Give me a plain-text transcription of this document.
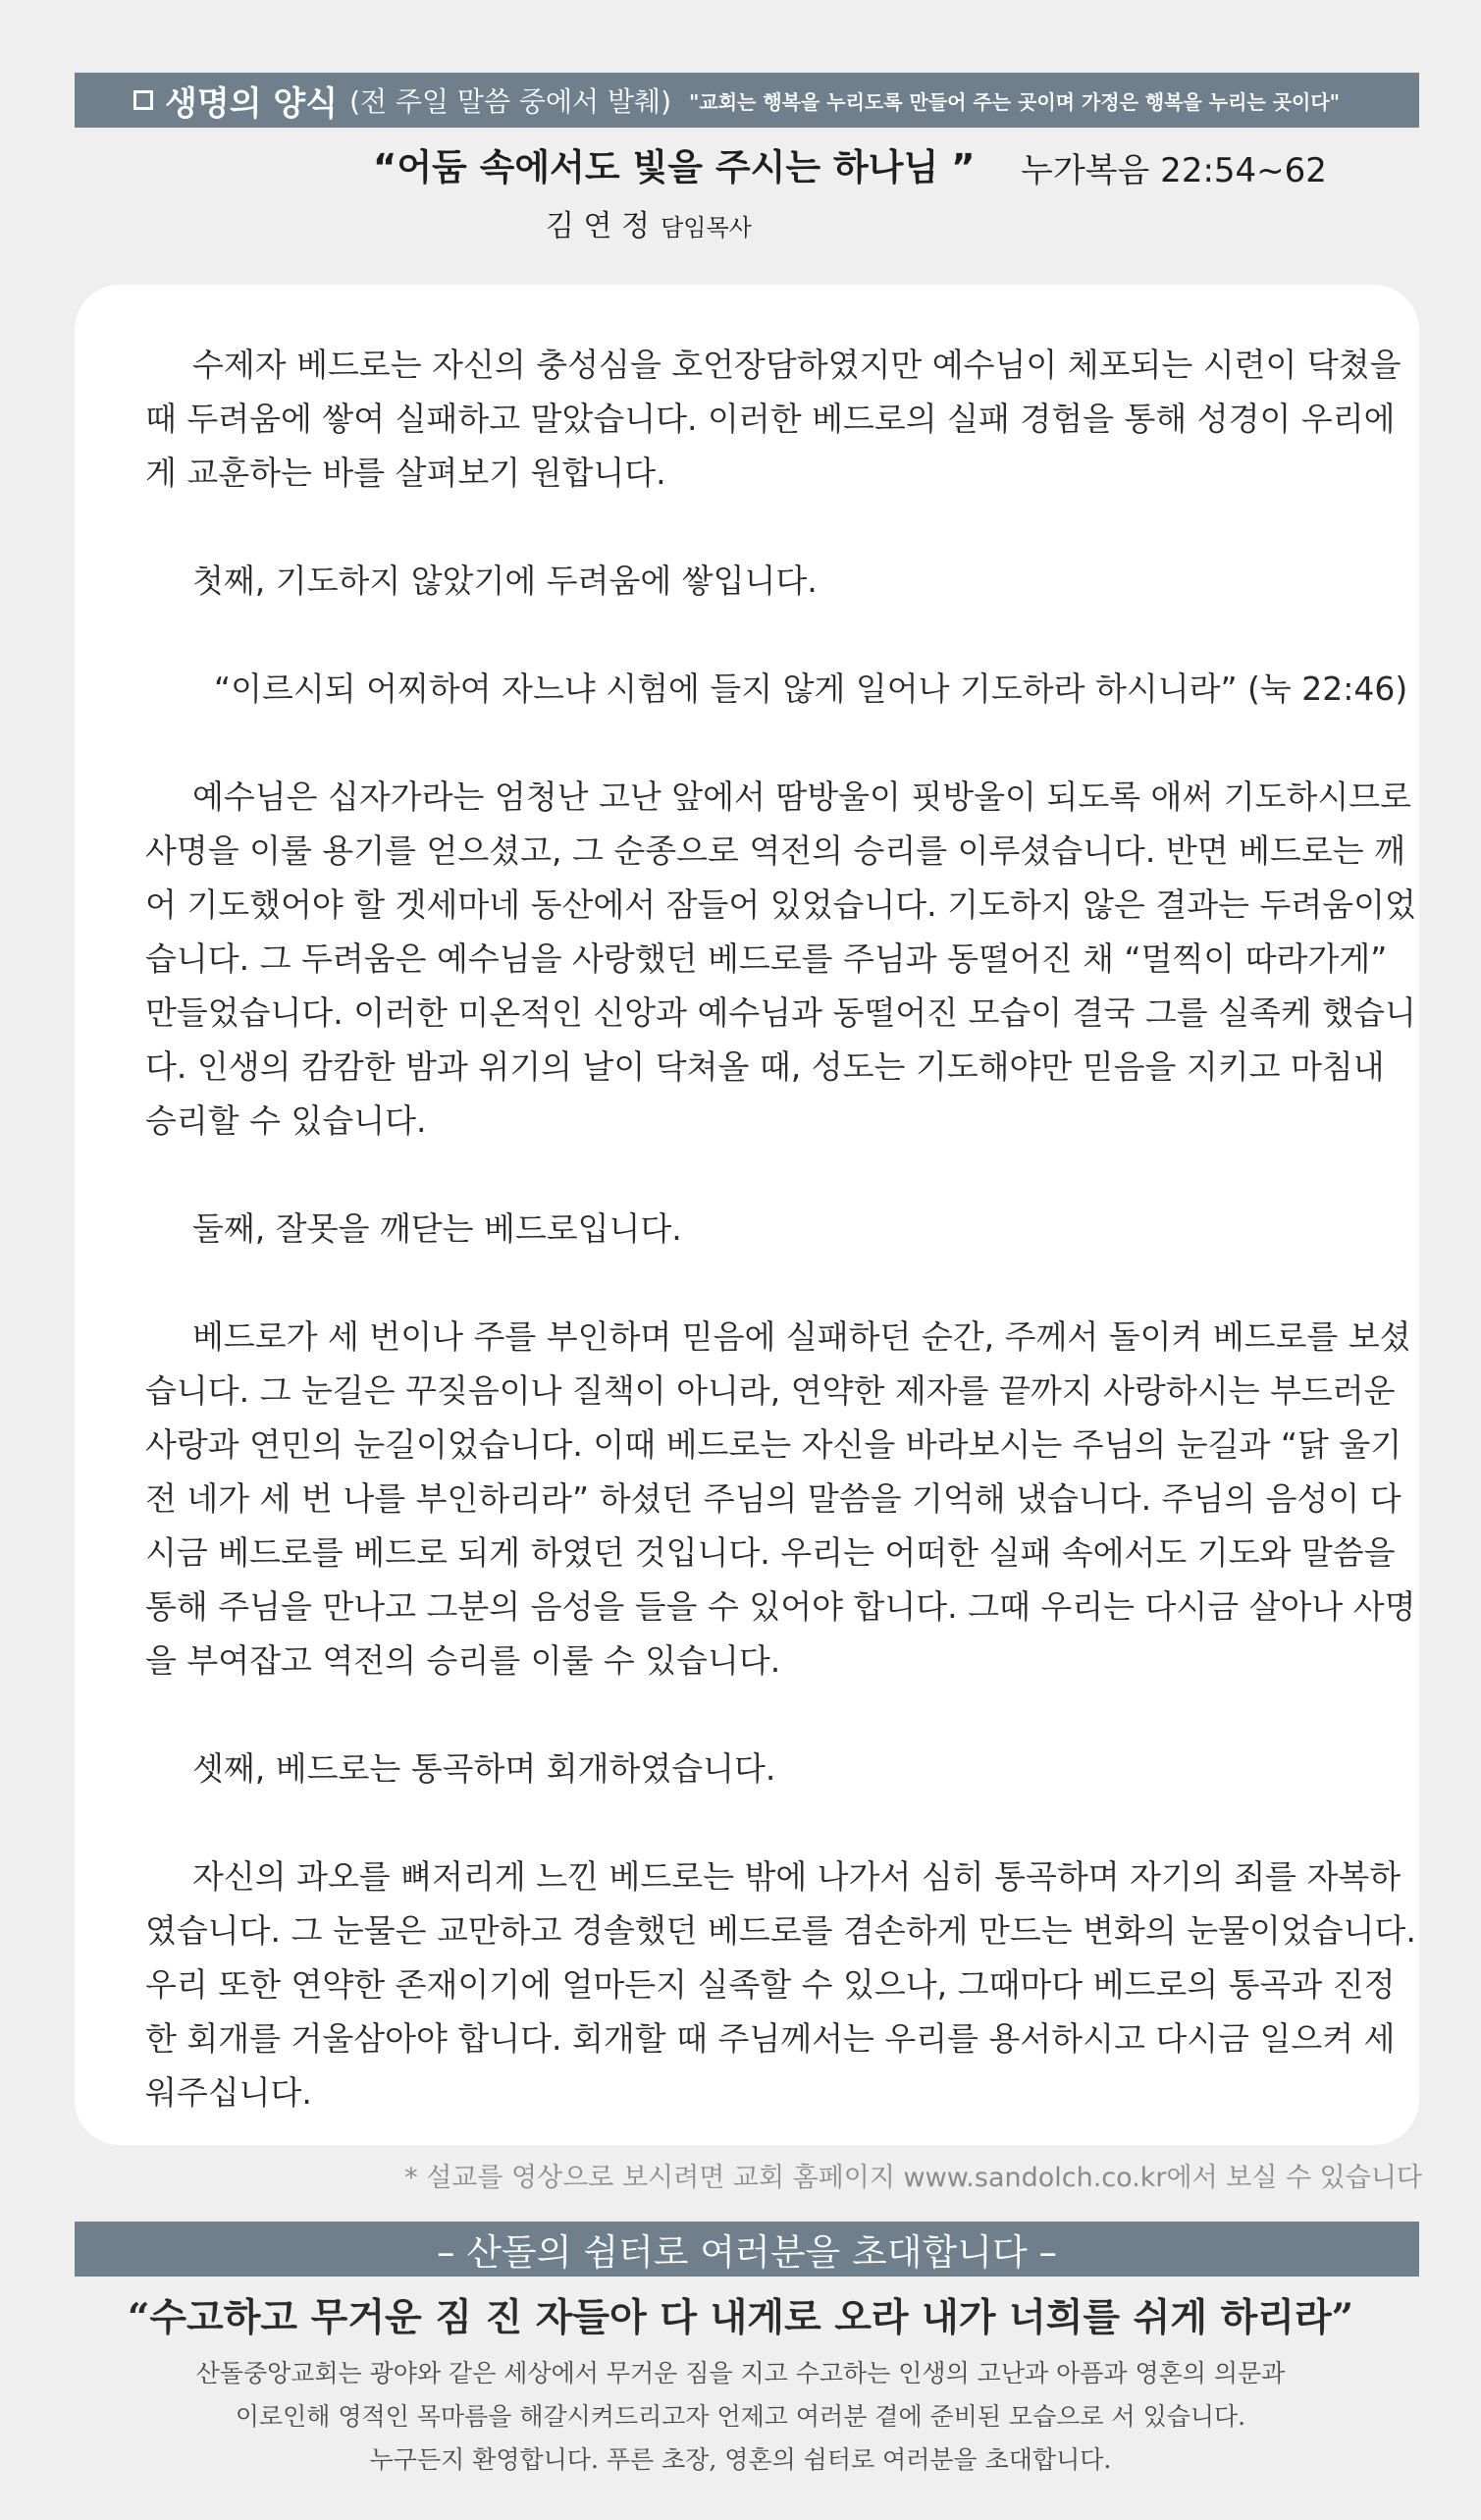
생명의 양식 (전 주일 말씀 중에서 발췌) "교회는 행복을 누리도록 만들어 주는 곳이며 가정은 행복을 누리는 곳이다"
“어둠 속에서도 빛을 주시는 하나님 ” 누가복음 22:54~62
김 연 정 담임목사

수제자 베드로는 자신의 충성심을 호언장담하였지만 예수님이 체포되는 시련이 닥쳤을 때 두려움에 쌓여 실패하고 말았습니다. 이러한 베드로의 실패 경험을 통해 성경이 우리에게 교훈하는 바를 살펴보기 원합니다.

첫째, 기도하지 않았기에 두려움에 쌓입니다.

“이르시되 어찌하여 자느냐 시험에 들지 않게 일어나 기도하라 하시니라” (눅 22:46)

예수님은 십자가라는 엄청난 고난 앞에서 땀방울이 핏방울이 되도록 애써 기도하시므로 사명을 이룰 용기를 얻으셨고, 그 순종으로 역전의 승리를 이루셨습니다. 반면 베드로는 깨어 기도했어야 할 겟세마네 동산에서 잠들어 있었습니다. 기도하지 않은 결과는 두려움이었습니다. 그 두려움은 예수님을 사랑했던 베드로를 주님과 동떨어진 채 “멀찍이 따라가게” 만들었습니다. 이러한 미온적인 신앙과 예수님과 동떨어진 모습이 결국 그를 실족케 했습니다. 인생의 캄캄한 밤과 위기의 날이 닥쳐올 때, 성도는 기도해야만 믿음을 지키고 마침내 승리할 수 있습니다.

둘째, 잘못을 깨닫는 베드로입니다.

베드로가 세 번이나 주를 부인하며 믿음에 실패하던 순간, 주께서 돌이켜 베드로를 보셨습니다. 그 눈길은 꾸짖음이나 질책이 아니라, 연약한 제자를 끝까지 사랑하시는 부드러운 사랑과 연민의 눈길이었습니다. 이때 베드로는 자신을 바라보시는 주님의 눈길과 “닭 울기 전 네가 세 번 나를 부인하리라” 하셨던 주님의 말씀을 기억해 냈습니다. 주님의 음성이 다시금 베드로를 베드로 되게 하였던 것입니다. 우리는 어떠한 실패 속에서도 기도와 말씀을 통해 주님을 만나고 그분의 음성을 들을 수 있어야 합니다. 그때 우리는 다시금 살아나 사명을 부여잡고 역전의 승리를 이룰 수 있습니다.

셋째, 베드로는 통곡하며 회개하였습니다.

자신의 과오를 뼈저리게 느낀 베드로는 밖에 나가서 심히 통곡하며 자기의 죄를 자복하였습니다. 그 눈물은 교만하고 경솔했던 베드로를 겸손하게 만드는 변화의 눈물이었습니다. 우리 또한 연약한 존재이기에 얼마든지 실족할 수 있으나, 그때마다 베드로의 통곡과 진정한 회개를 거울삼아야 합니다. 회개할 때 주님께서는 우리를 용서하시고 다시금 일으켜 세워주십니다.

* 설교를 영상으로 보시려면 교회 홈페이지 www.sandolch.co.kr에서 보실 수 있습니다
– 산돌의 쉼터로 여러분을 초대합니다 –
“수고하고 무거운 짐 진 자들아 다 내게로 오라 내가 너희를 쉬게 하리라”
산돌중앙교회는 광야와 같은 세상에서 무거운 짐을 지고 수고하는 인생의 고난과 아픔과 영혼의 의문과
이로인해 영적인 목마름을 해갈시켜드리고자 언제고 여러분 곁에 준비된 모습으로 서 있습니다.
누구든지 환영합니다. 푸른 초장, 영혼의 쉼터로 여러분을 초대합니다.
